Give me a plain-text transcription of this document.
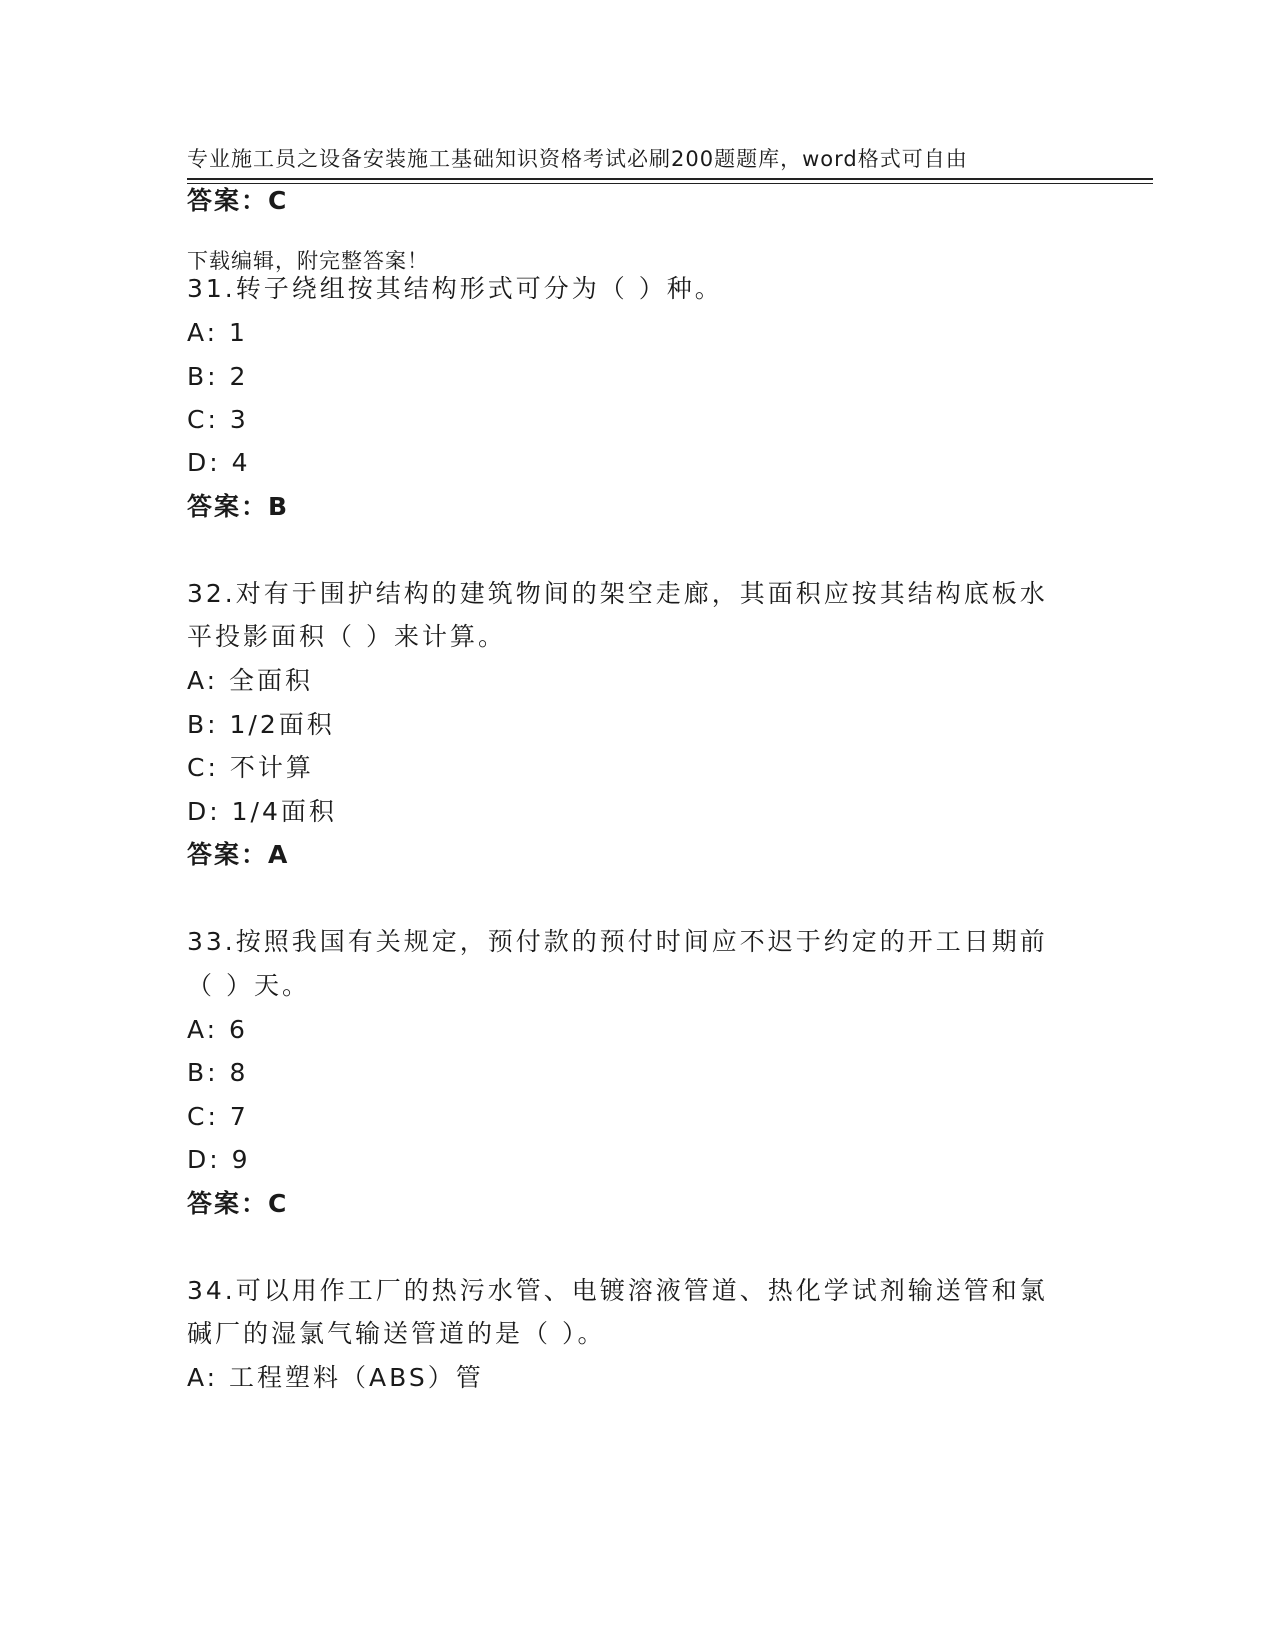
专业施工员之设备安装施工基础知识资格考试必刷200题题库，word格式可自由

下载编辑，附完整答案！

答案：C
31.转子绕组按其结构形式可分为（ ）种。
A: 1
B: 2
C: 3
D: 4
答案：B
32.对有于围护结构的建筑物间的架空走廊，其面积应按其结构底板水
平投影面积（ ）来计算。
A: 全面积
B: 1/2面积
C: 不计算
D: 1/4面积
答案：A
33.按照我国有关规定，预付款的预付时间应不迟于约定的开工日期前
（ ）天。
A: 6
B: 8
C: 7
D: 9
答案：C
34.可以用作工厂的热污水管、电镀溶液管道、热化学试剂输送管和氯
碱厂的湿氯气输送管道的是（ ）。
A: 工程塑料（ABS）管
